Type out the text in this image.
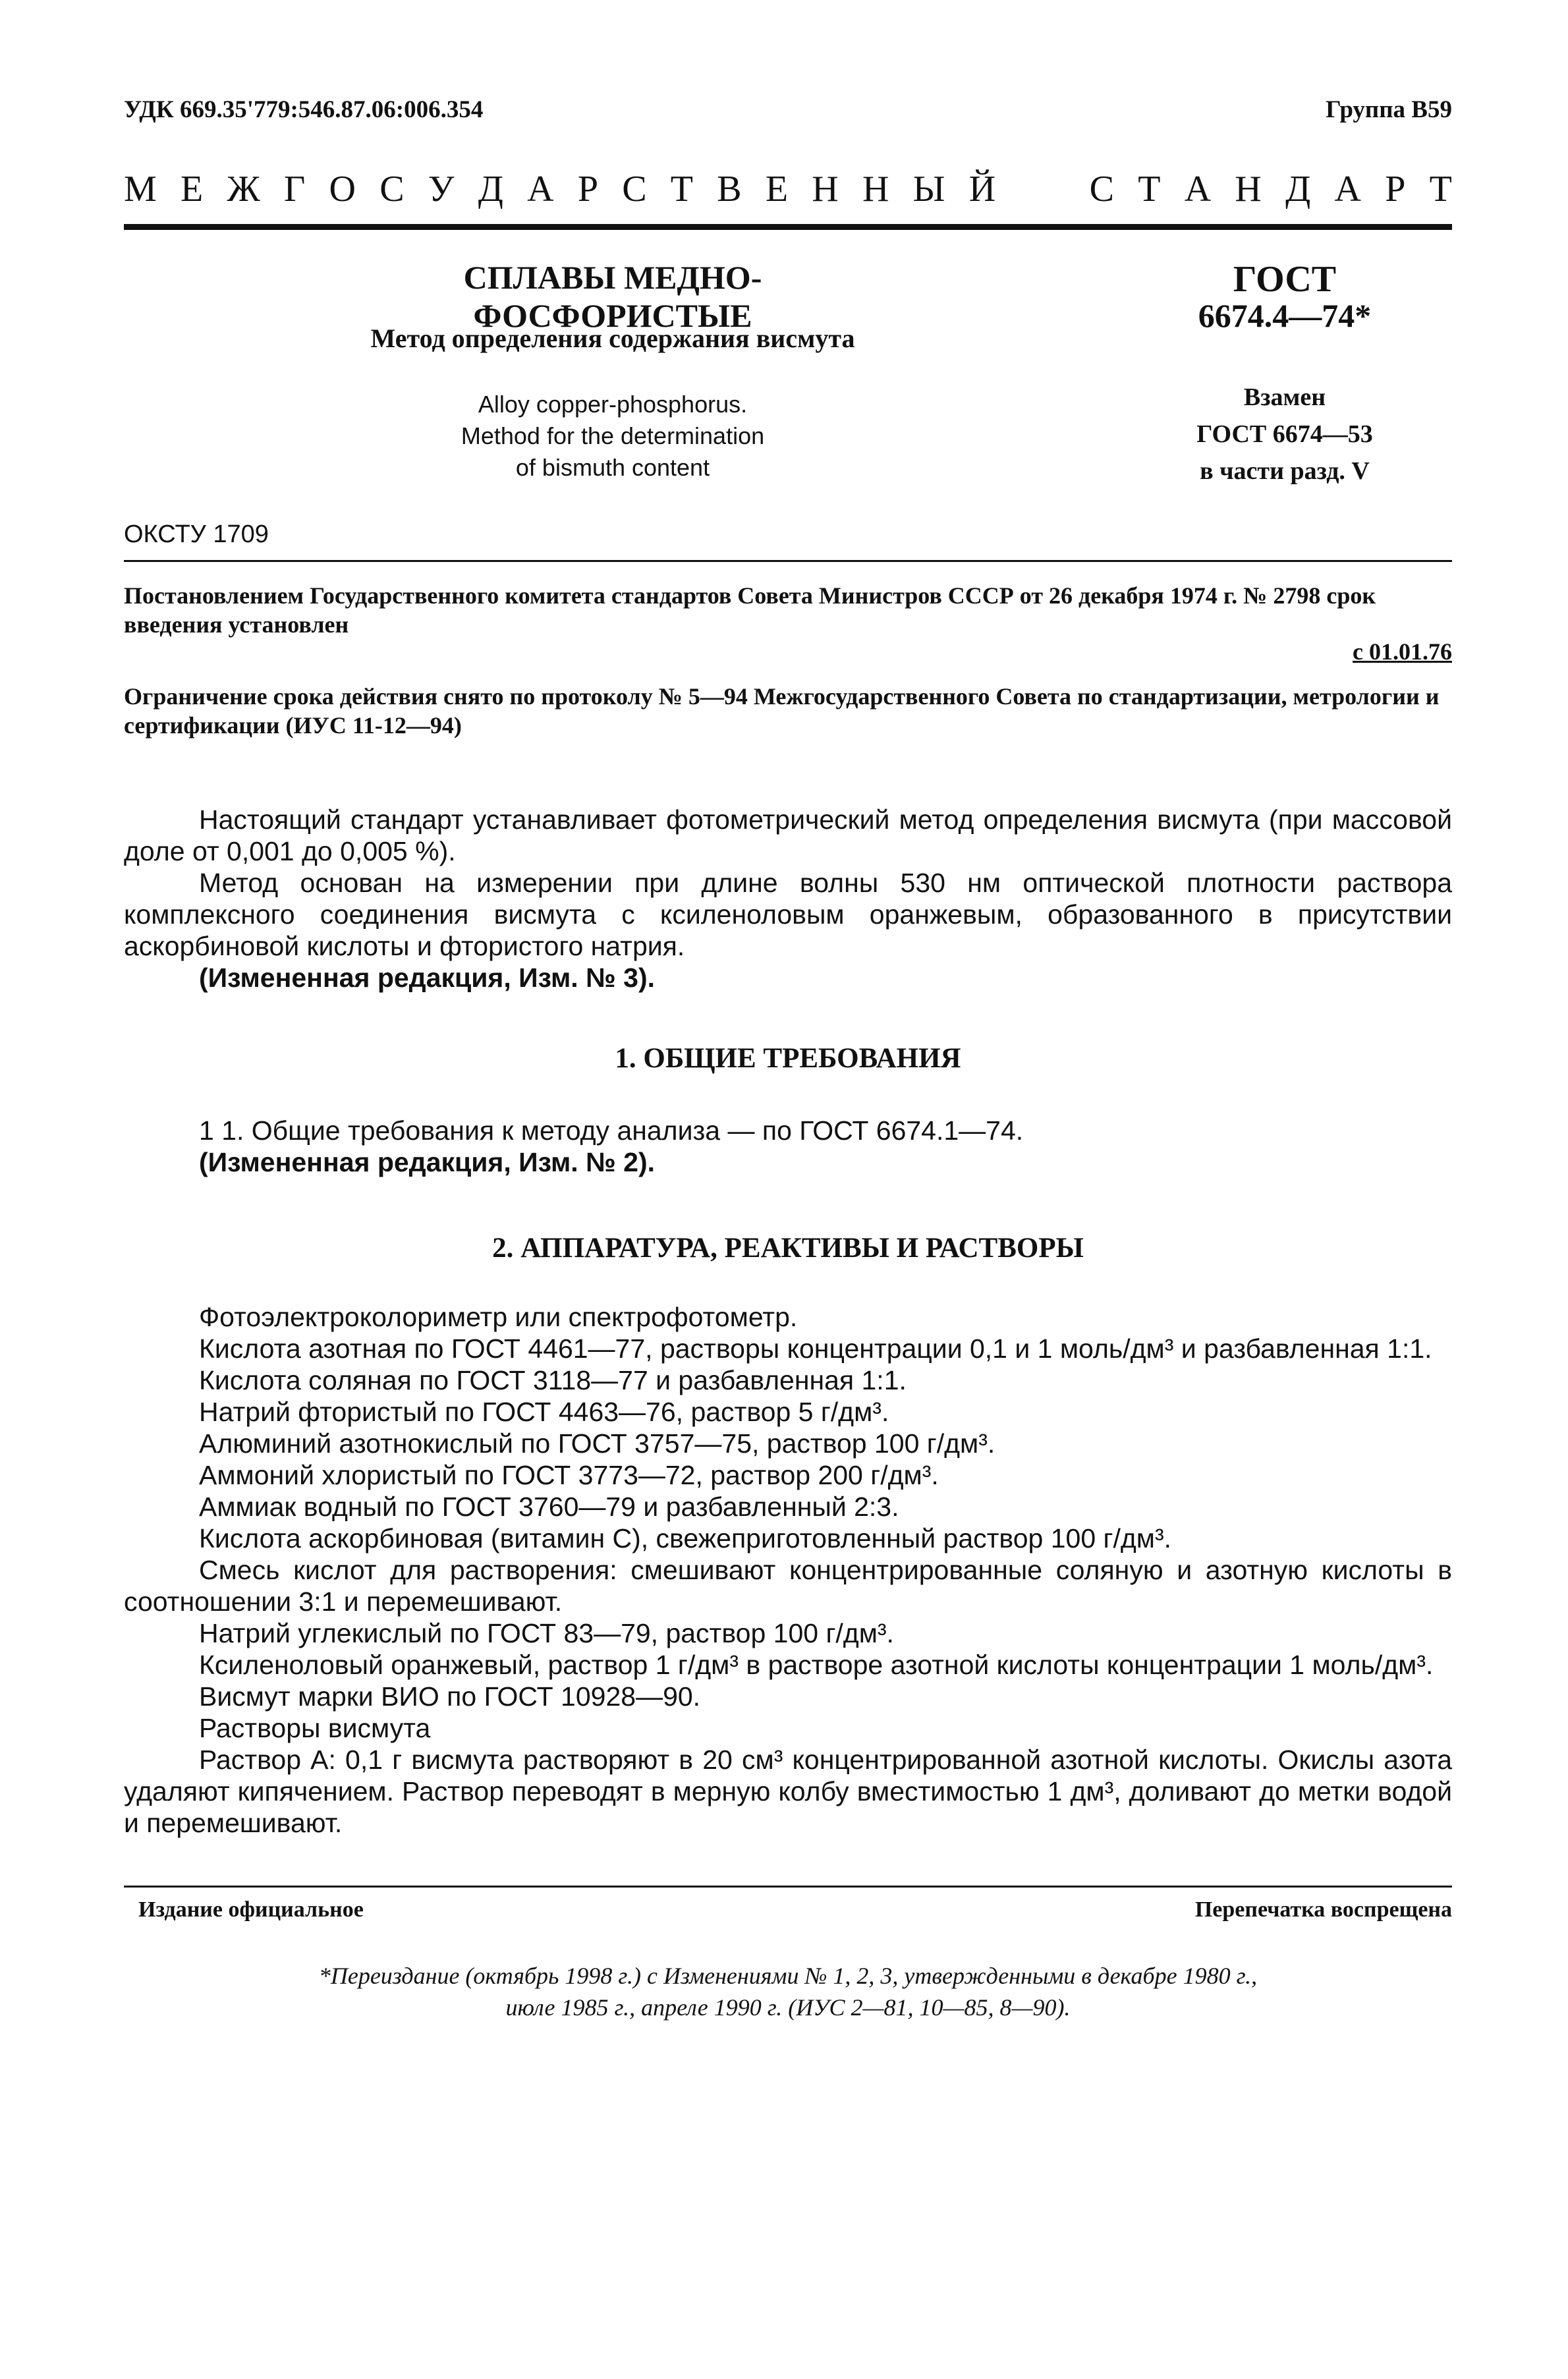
УДК 669.35'779:546.87.06:006.354	Группа В59
М Е Ж Г О С У Д А Р С Т В Е Н Н Ы Й	С Т А Н Д А Р Т
СПЛАВЫ МЕДНО-ФОСФОРИСТЫЕ
Метод определения содержания висмута
Alloy copper-phosphorus.
Method for the determination
of bismuth content
ГОСТ
6674.4—74*
Взамен
ГОСТ 6674—53
в части разд. V
ОКСТУ 1709
Постановлением Государственного комитета стандартов Совета Министров СССР от 26 декабря 1974 г. № 2798 срок введения установлен
с 01.01.76
Ограничение срока действия снято по протоколу № 5—94 Межгосударственного Совета по стандартизации, метрологии и сертификации (ИУС 11-12—94)

Настоящий стандарт устанавливает фотометрический метод определения висмута (при массовой доле от 0,001 до 0,005 %).

Метод основан на измерении при длине волны 530 нм оптической плотности раствора комплексного соединения висмута с ксиленоловым оранжевым, образованного в присутствии аскорбиновой кислоты и фтористого натрия.

(Измененная редакция, Изм. № 3).

1. ОБЩИЕ ТРЕБОВАНИЯ

1 1. Общие требования к методу анализа — по ГОСТ 6674.1—74.

(Измененная редакция, Изм. № 2).

2. АППАРАТУРА, РЕАКТИВЫ И РАСТВОРЫ

Фотоэлектроколориметр или спектрофотометр.

Кислота азотная по ГОСТ 4461—77, растворы концентрации 0,1 и 1 моль/дм³ и разбавленная 1:1.

Кислота соляная по ГОСТ 3118—77 и разбавленная 1:1.

Натрий фтористый по ГОСТ 4463—76, раствор 5 г/дм³.

Алюминий азотнокислый по ГОСТ 3757—75, раствор 100 г/дм³.

Аммоний хлористый по ГОСТ 3773—72, раствор 200 г/дм³.

Аммиак водный по ГОСТ 3760—79 и разбавленный 2:3.

Кислота аскорбиновая (витамин С), свежеприготовленный раствор 100 г/дм³.

Смесь кислот для растворения: смешивают концентрированные соляную и азотную кислоты в соотношении 3:1 и перемешивают.

Натрий углекислый по ГОСТ 83—79, раствор 100 г/дм³.

Ксиленоловый оранжевый, раствор 1 г/дм³ в растворе азотной кислоты концентрации 1 моль/дм³.

Висмут марки ВИО по ГОСТ 10928—90.

Растворы висмута

Раствор А: 0,1 г висмута растворяют в 20 см³ концентрированной азотной кислоты. Окислы азота удаляют кипячением. Раствор переводят в мерную колбу вместимостью 1 дм³, доливают до метки водой и перемешивают.

Издание официальное	Перепечатка воспрещена
*Переиздание (октябрь 1998 г.) с Изменениями № 1, 2, 3, утвержденными в декабре 1980 г.,
июле 1985 г., апреле 1990 г. (ИУС 2—81, 10—85, 8—90).
